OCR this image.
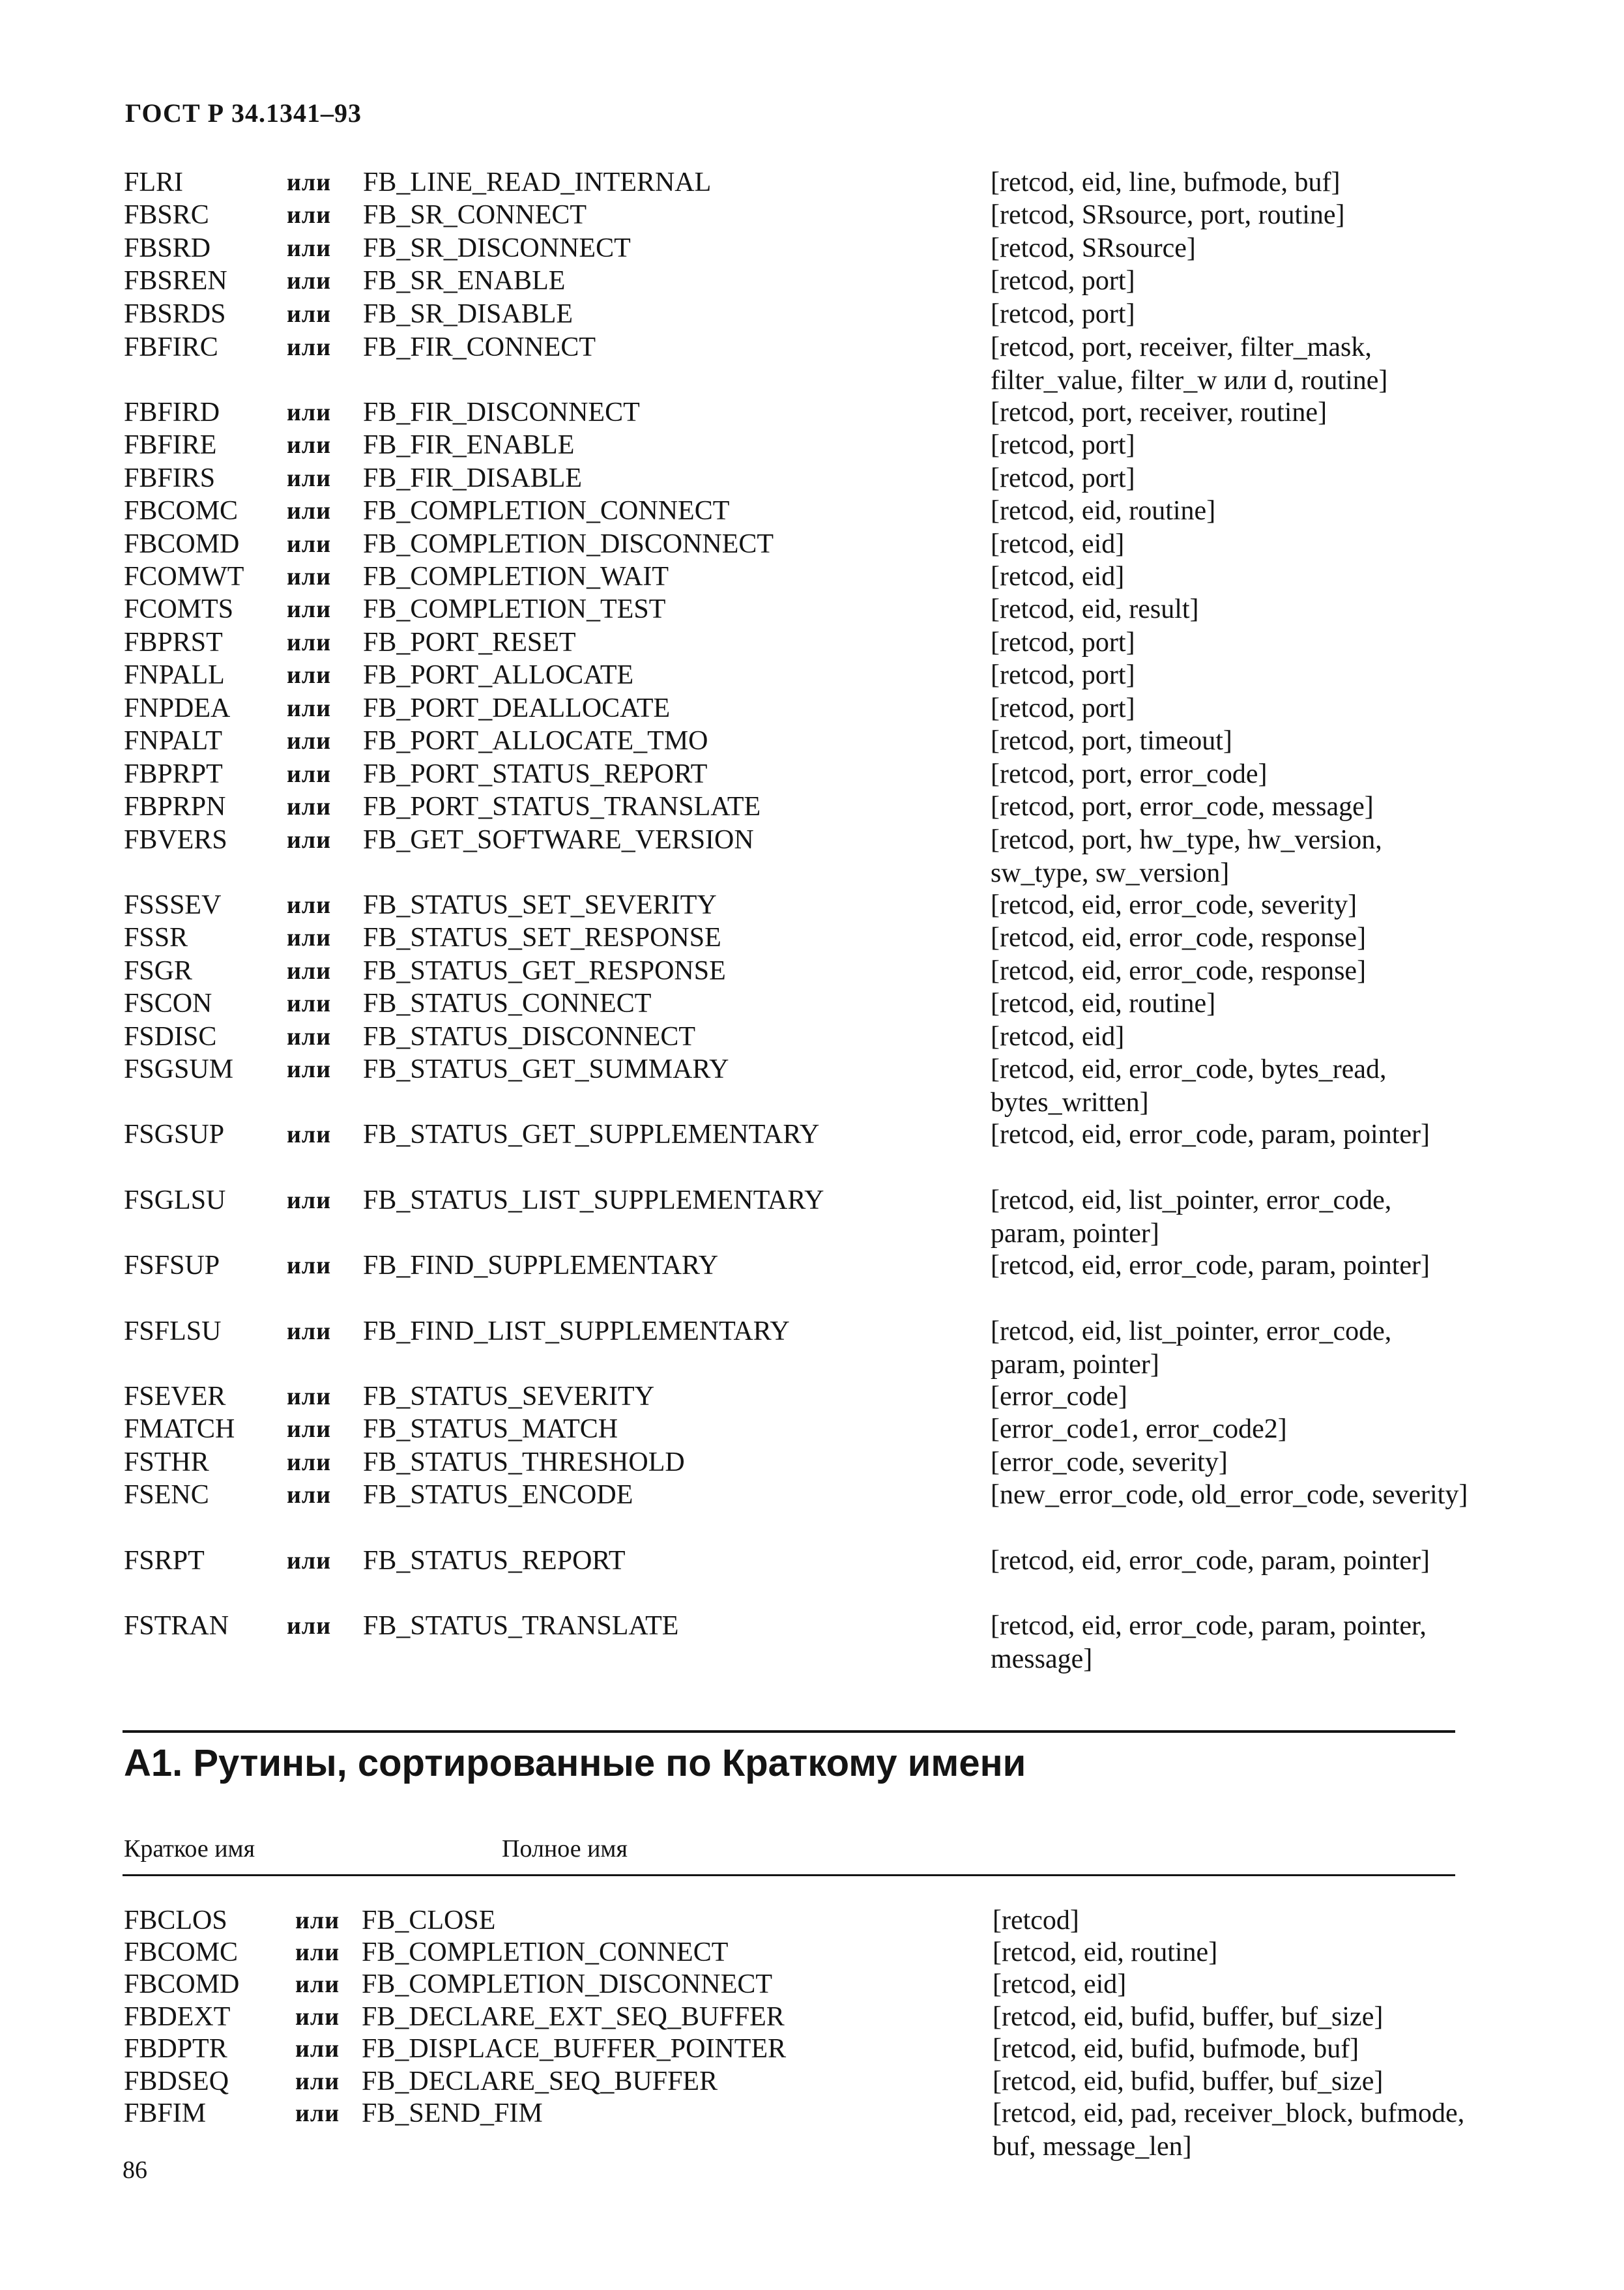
ГОСТ Р 34.1341–93
FLRI	или FB_LINE_READ_INTERNAL	[retcod, eid, line, bufmode, buf]
FBSRC	или FB_SR_CONNECT	[retcod, SRsource, port, routine]
FBSRD	или FB_SR_DISCONNECT	[retcod, SRsource]
FBSREN или FB_SR_ENABLE	[retcod, port]
FBSRDS или FB_SR_DISABLE	[retcod, port]
FBFIRC	или FB_FIR_CONNECT	[retcod, port, receiver, filter_mask, filter_value, filter_w или d, routine]
FBFIRD	или FB_FIR_DISCONNECT	[retcod, port, receiver, routine]
FBFIRE	или FB_FIR_ENABLE	[retcod, port]
FBFIRS	или FB_FIR_DISABLE	[retcod, port]
FBCOMC или FB_COMPLETION_CONNECT	[retcod, eid, routine]
FBCOMD или FB_COMPLETION_DISCONNECT	[retcod, eid]
FCOMWT или FB_COMPLETION_WAIT	[retcod, eid]
FCOMTS или FB_COMPLETION_TEST	[retcod, eid, result]
FBPRST	или FB_PORT_RESET	[retcod, port]
FNPALL	или FB_PORT_ALLOCATE	[retcod, port]
FNPDEA или FB_PORT_DEALLOCATE	[retcod, port]
FNPALT	или FB_PORT_ALLOCATE_TMO	[retcod, port, timeout]
FBPRPT	или FB_PORT_STATUS_REPORT	[retcod, port, error_code]
FBPRPN или FB_PORT_STATUS_TRANSLATE	[retcod, port, error_code, message]
FBVERS или FB_GET_SOFTWARE_VERSION	[retcod, port, hw_type, hw_version, sw_type, sw_version]
FSSSEV	или FB_STATUS_SET_SEVERITY	[retcod, eid, error_code, severity]
FSSR	или FB_STATUS_SET_RESPONSE	[retcod, eid, error_code, response]
FSGR	или FB_STATUS_GET_RESPONSE	[retcod, eid, error_code, response]
FSCON	или FB_STATUS_CONNECT	[retcod, eid, routine]
FSDISC	или FB_STATUS_DISCONNECT	[retcod, eid]
FSGSUM или FB_STATUS_GET_SUMMARY	[retcod, eid, error_code, bytes_read, bytes_written]
FSGSUP	или FB_STATUS_GET_SUPPLEMENTARY	[retcod, eid, error_code, param, pointer]
FSGLSU или FB_STATUS_LIST_SUPPLEMENTARY	[retcod, eid, list_pointer, error_code, param, pointer]
FSFSUP	или FB_FIND_SUPPLEMENTARY	[retcod, eid, error_code, param, pointer]
FSFLSU	или FB_FIND_LIST_SUPPLEMENTARY	[retcod, eid, list_pointer, error_code, param, pointer]
FSEVER или FB_STATUS_SEVERITY	[error_code]
FMATCH или FB_STATUS_MATCH	[error_code1, error_code2]
FSTHR	или FB_STATUS_THRESHOLD	[error_code, severity]
FSENC	или FB_STATUS_ENCODE	[new_error_code, old_error_code, severity]
FSRPT	или FB_STATUS_REPORT	[retcod, eid, error_code, param, pointer]
FSTRAN или FB_STATUS_TRANSLATE	[retcod, eid, error_code, param, pointer, message]
А1. Рутины, сортированные по Краткому имени
Краткое имя	Полное имя
FBCLOS	или FB_CLOSE	[retcod]
FBCOMC или FB_COMPLETION_CONNECT	[retcod, eid, routine]
FBCOMD или FB_COMPLETION_DISCONNECT	[retcod, eid]
FBDEXT	или FB_DECLARE_EXT_SEQ_BUFFER	[retcod, eid, bufid, buffer, buf_size]
FBDPTR	или FB_DISPLACE_BUFFER_POINTER	[retcod, eid, bufid, bufmode, buf]
FBDSEQ	или FB_DECLARE_SEQ_BUFFER	[retcod, eid, bufid, buffer, buf_size]
FBFIM	или FB_SEND_FIM	[retcod, eid, pad, receiver_block, bufmode, buf, message_len]
86
